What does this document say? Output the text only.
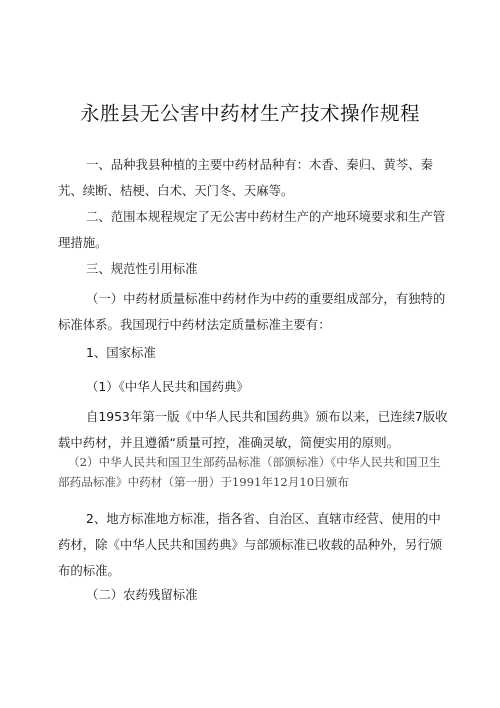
永胜县无公害中药材生产技术操作规程

一、品种我县种植的主要中药材品种有：木香、秦归、黄芩、秦艽、续断、桔梗、白术、天门冬、天麻等。

二、范围本规程规定了无公害中药材生产的产地环境要求和生产管理措施。

三、规范性引用标准

（一）中药材质量标准中药材作为中药的重要组成部分，有独特的标准体系。我国现行中药材法定质量标准主要有：

1、国家标准

（1）《中华人民共和国药典》

自1953年第一版《中华人民共和国药典》颁布以来，已连续7版收载中药材，并且遵循“质量可控，准确灵敏，简便实用的原则。

（2）中华人民共和国卫生部药品标准（部颁标准）《中华人民共和国卫生部药品标准》中药材（第一册）于1991年12月10日颁布

2、地方标准地方标准，指各省、自治区、直辖市经营、使用的中药材，除《中华人民共和国药典》与部颁标准已收载的品种外，另行颁布的标准。

（二）农药残留标准
